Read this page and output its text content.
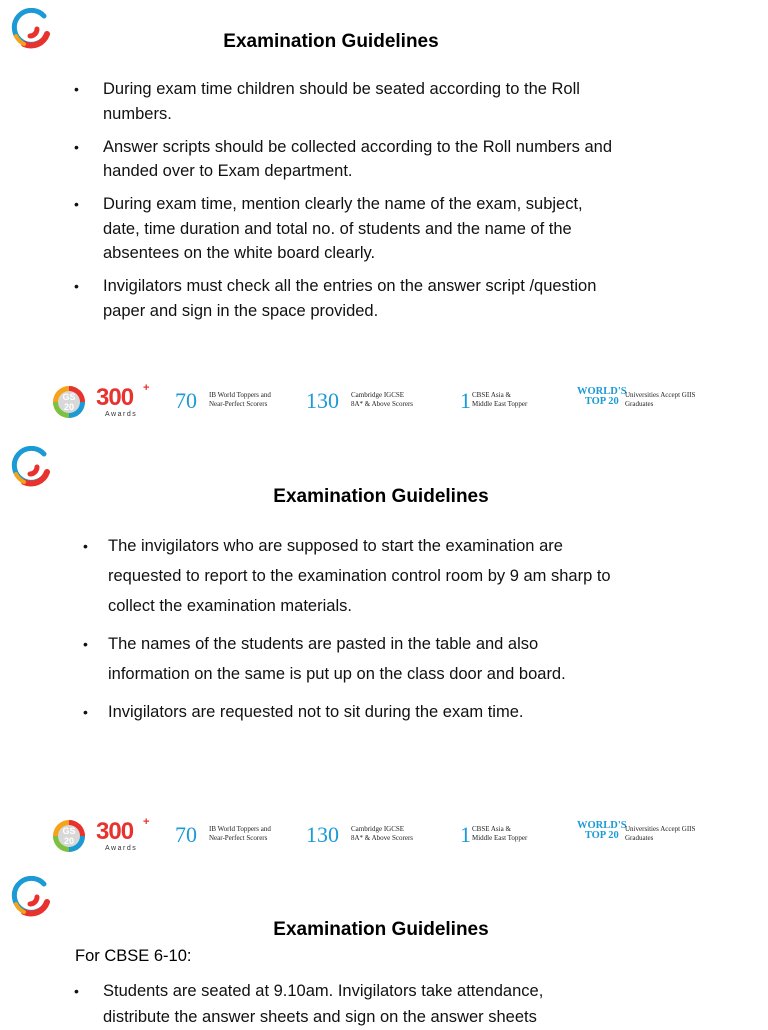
Examination Guidelines
• During exam time children should be seated according to the Roll numbers.
• Answer scripts should be collected according to the Roll numbers and handed over to Exam department.
• During exam time, mention clearly the name of the exam, subject, date, time duration and total no. of students and the name of the absentees on the white board clearly.
• Invigilators must check all the entries on the answer script /question paper and sign in the space provided.
GS
20 300 +
Awards
70 IB World Toppers and
Near-Perfect Scorers 130 Cambridge IGCSE
8A* & Above Scorers 1 CBSE Asia &
Middle East Topper
WORLD'S
TOP 20
Universities Accept GIIS
Graduates
Examination Guidelines
• The invigilators who are supposed to start the examination are requested to report to the examination control room by 9 am sharp to collect the examination materials.
• The names of the students are pasted in the table and also information on the same is put up on the class door and board.
• Invigilators are requested not to sit during the exam time.
GS
20 300 +
Awards
70 IB World Toppers and
Near-Perfect Scorers 130 Cambridge IGCSE
8A* & Above Scorers 1 CBSE Asia &
Middle East Topper
WORLD'S
TOP 20
Universities Accept GIIS
Graduates
Examination Guidelines
For CBSE 6-10:
• Students are seated at 9.10am. Invigilators take attendance, distribute the answer sheets and sign on the answer sheets
